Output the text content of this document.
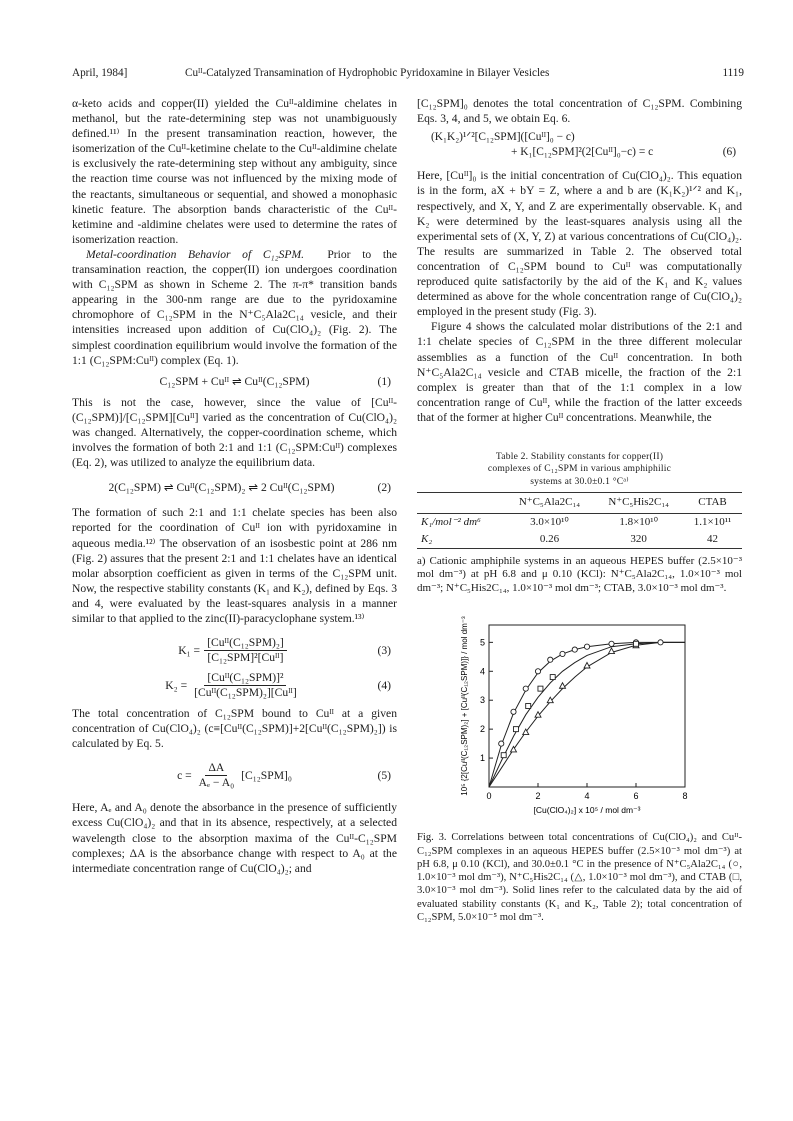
April, 1984]	Cuᴵᴵ-Catalyzed Transamination of Hydrophobic Pyridoxamine in Bilayer Vesicles	1119

α-keto acids and copper(II) yielded the Cuᴵᴵ-aldimine chelates in methanol, but the rate-determining step was not unambiguously defined.¹¹⁾ In the present transamination reaction, however, the isomerization of the Cuᴵᴵ-ketimine chelate to the Cuᴵᴵ-aldimine chelate is exclusively the rate-determining step without any ambiguity, since the reaction time course was not influenced by the mixing mode of the reactants, simultaneous or sequential, and showed a monophasic kinetic feature. The absorption bands characteristic of the Cuᴵᴵ-ketimine and -aldimine chelates were used to determine the rates of isomerization reaction.

Metal-coordination Behavior of C₁₂SPM. Prior to the transamination reaction, the copper(II) ion undergoes coordination with C₁₂SPM as shown in Scheme 2. The π-π* transition bands appearing in the 300-nm range are due to the pyridoxamine chromophore of C₁₂SPM in the N⁺C₅Ala2C₁₄ vesicle, and their intensities increased upon addition of Cu(ClO₄)₂ (Fig. 2). The simplest coordination equilibrium would involve the formation of the 1:1 (C₁₂SPM:Cuᴵᴵ) complex (Eq. 1).

C₁₂SPM + Cuᴵᴵ ⇌ Cuᴵᴵ(C₁₂SPM)	(1)

This is not the case, however, since the value of [Cuᴵᴵ-(C₁₂SPM)]/[C₁₂SPM][Cuᴵᴵ] varied as the concentration of Cu(ClO₄)₂ was changed. Alternatively, the copper-coordination scheme, which involves the formation of both 2:1 and 1:1 (C₁₂SPM:Cuᴵᴵ) complexes (Eq. 2), was utilized to analyze the equilibrium data.

2(C₁₂SPM) ⇌ Cuᴵᴵ(C₁₂SPM)₂ ⇌ 2 Cuᴵᴵ(C₁₂SPM)	(2)

The formation of such 2:1 and 1:1 chelate species has been also reported for the coordination of Cuᴵᴵ ion with pyridoxamine in aqueous media.¹²⁾ The observation of an isosbestic point at 286 nm (Fig. 2) assures that the present 2:1 and 1:1 chelates have an identical molar absorption coefficient as given in terms of the C₁₂SPM unit. Now, the respective stability constants (K₁ and K₂), defined by Eqs. 3 and 4, were evaluated by the least-squares analysis in a manner similar to that applied to the zinc(II)-paracyclophane system.¹³⁾

$K_1 = \frac{\text{[Cuᴵᴵ(C₁₂SPM)₂]}}{\text{[C₁₂SPM]²[Cuᴵᴵ]}}$	(3)
$K_2 = \frac{\text{[Cuᴵᴵ(C₁₂SPM)]²}}{\text{[Cuᴵᴵ(C₁₂SPM)₂][Cuᴵᴵ]}}$	(4)

The total concentration of C₁₂SPM bound to Cuᴵᴵ at a given concentration of Cu(ClO₄)₂ (c≡[Cuᴵᴵ(C₁₂SPM)]+2[Cuᴵᴵ(C₁₂SPM)₂]) is calculated by Eq. 5.

$c = \frac{\Delta A}{\text{Aₑ − A₀}} [C_{12}SPM]_0$	(5)

Here, Aₑ and A₀ denote the absorbance in the presence of sufficiently excess Cu(ClO₄)₂ and that in its absence, respectively, at a selected wavelength close to the absorption maxima of the Cuᴵᴵ-C₁₂SPM complexes; ΔA is the absorbance change with respect to A₀ at the intermediate concentration range of Cu(ClO₄)₂; and

[C₁₂SPM]₀ denotes the total concentration of C₁₂SPM. Combining Eqs. 3, 4, and 5, we obtain Eq. 6.

(K₁K₂)¹ᐟ²[C₁₂SPM]([Cuᴵᴵ]₀ − c)
+ K₁[C₁₂SPM]²(2[Cuᴵᴵ]₀−c) = c	(6)

Here, [Cuᴵᴵ]₀ is the initial concentration of Cu(ClO₄)₂. This equation is in the form, aX + bY = Z, where a and b are (K₁K₂)¹ᐟ² and K₁, respectively, and X, Y, and Z are experimentally observable. K₁ and K₂ were determined by the least-squares analysis using all the experimental sets of (X, Y, Z) at various concentrations of Cu(ClO₄)₂. The results are summarized in Table 2. The observed total concentration of C₁₂SPM bound to Cuᴵᴵ was computationally reproduced quite satisfactorily by the aid of the K₁ and K₂ values determined as above for the whole concentration range of Cu(ClO₄)₂ employed in the present study (Fig. 3).

Figure 4 shows the calculated molar distributions of the 2:1 and 1:1 chelate species of C₁₂SPM in the three different molecular assemblies as a function of the Cuᴵᴵ concentration. In both N⁺C₅Ala2C₁₄ vesicle and CTAB micelle, the fraction of the 2:1 complex is greater than that of the 1:1 complex in a low concentration range of Cuᴵᴵ, while the fraction of the latter exceeds that of the former at higher Cuᴵᴵ concentrations. Meanwhile, the

Table 2. Stability constants for copper(II)
complexes of C₁₂SPM in various amphiphilic
systems at 30.0±0.1 °Cᵃ⁾
	N⁺C₅Ala2C₁₄	N⁺C₅His2C₁₄	CTAB
K₁/mol⁻² dm⁶	3.0×10¹⁰	1.8×10¹⁰	1.1×10¹¹
K₂	0.26	320	42

a) Cationic amphiphile systems in an aqueous HEPES buffer (2.5×10⁻³ mol dm⁻³) at pH 6.8 and μ 0.10 (KCl): N⁺C₅Ala2C₁₄, 1.0×10⁻³ mol dm⁻³; N⁺C₅His2C₁₄, 1.0×10⁻³ mol dm⁻³; CTAB, 3.0×10⁻³ mol dm⁻³.

0	2	4	6	8
1
2
3
4
5
[Cu(ClO₄)₂] x 10⁵ / mol dm⁻³
10⁵ {2[Cuᴵᴵ(C₁₂SPM)₂] + [Cuᴵᴵ(C₁₂SPM)]} / mol dm⁻³

Fig. 3. Correlations between total concentrations of Cu(ClO₄)₂ and Cuᴵᴵ-C₁₂SPM complexes in an aqueous HEPES buffer (2.5×10⁻³ mol dm⁻³) at pH 6.8, μ 0.10 (KCl), and 30.0±0.1 °C in the presence of N⁺C₅Ala2C₁₄ (○, 1.0×10⁻³ mol dm⁻³), N⁺C₅His2C₁₄ (△, 1.0×10⁻³ mol dm⁻³), and CTAB (□, 3.0×10⁻³ mol dm⁻³). Solid lines refer to the calculated data by the aid of evaluated stability constants (K₁ and K₂, Table 2); total concentration of C₁₂SPM, 5.0×10⁻⁵ mol dm⁻³.
